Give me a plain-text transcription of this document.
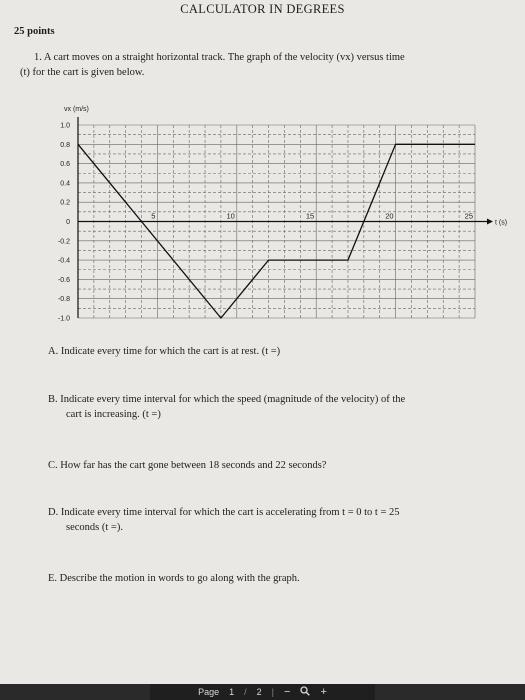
CALCULATOR IN DEGREES
25 points
1. A cart moves on a straight horizontal track. The graph of the velocity (vx) versus time
(t) for the cart is given below.
vx (m/s)
t (s)
1.0
0.8
0.6
0.4
0.2
0
-0.2
-0.4
-0.6
-0.8
-1.0
5	10	15	20	25
A. Indicate every time for which the cart is at rest. (t =)
B. Indicate every time interval for which the speed (magnitude of the velocity) of the
cart is increasing. (t =)
C. How far has the cart gone between 18 seconds and 22 seconds?
D. Indicate every time interval for which the cart is accelerating from t = 0 to t = 25
seconds (t =).
E. Describe the motion in words to go along with the graph.
Page 1 / 2 | −	+
